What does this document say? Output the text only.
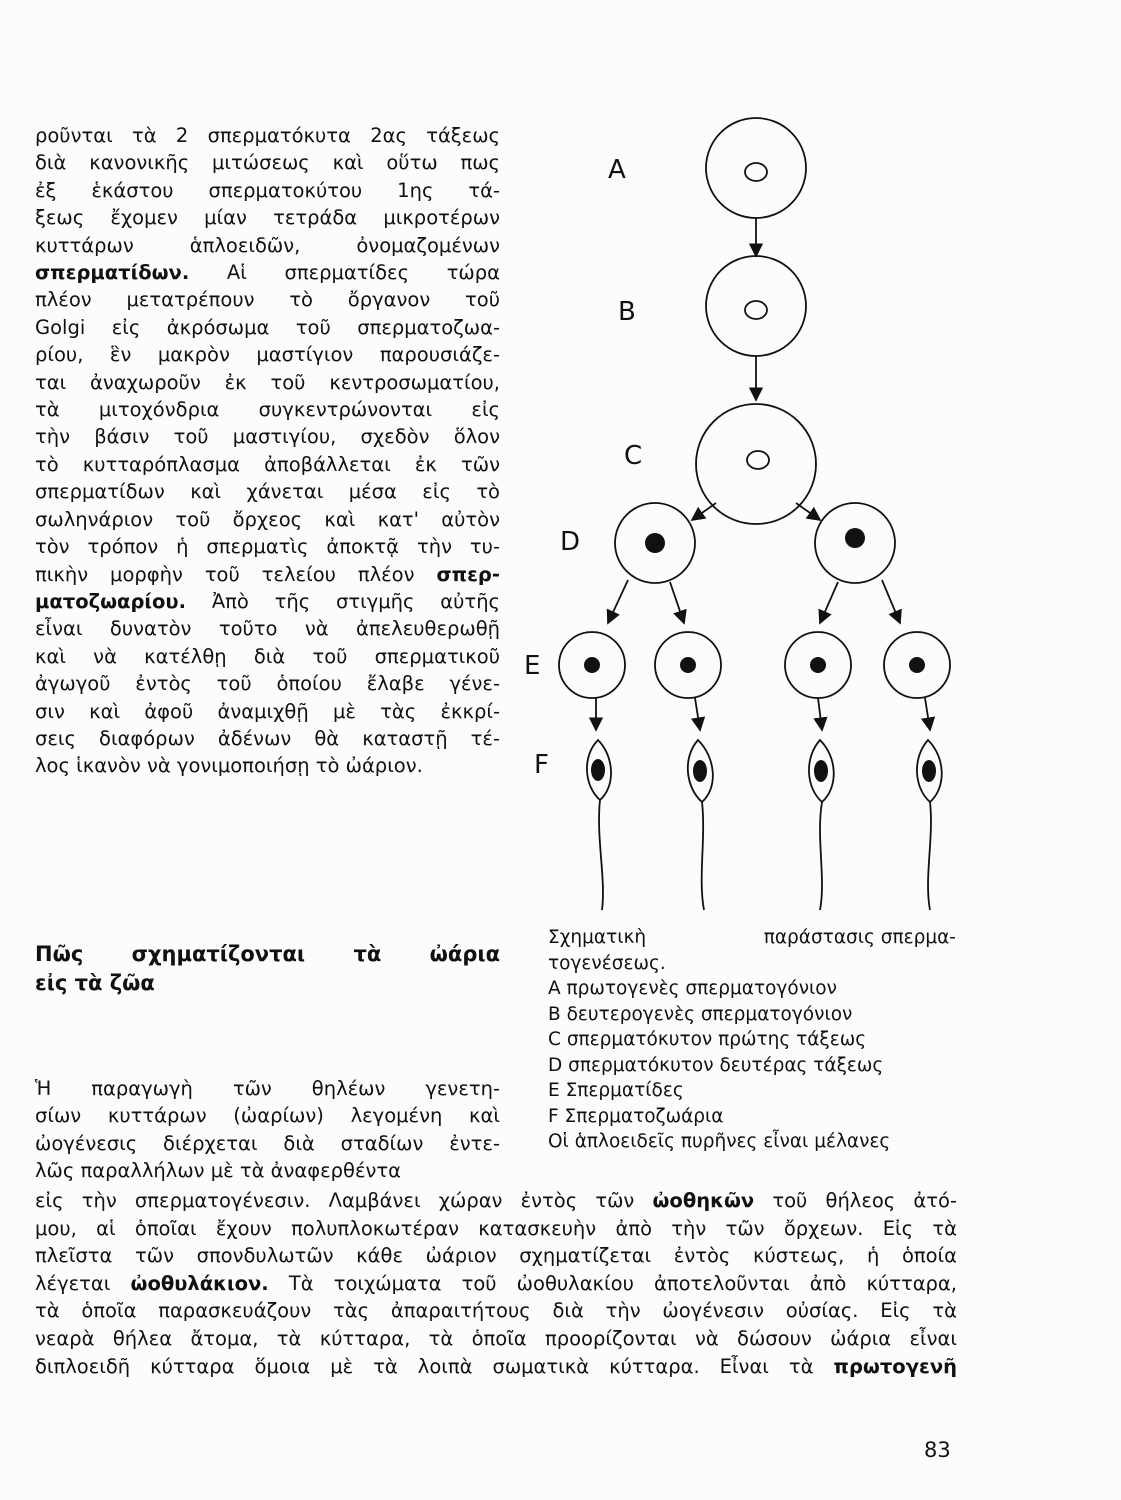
ροῦνται τὰ 2 σπερματόκυτα 2ας τάξεως
διὰ κανονικῆς μιτώσεως καὶ οὕτω πως
ἐξ ἑκάστου σπερματοκύτου 1ης τά-
ξεως ἔχομεν μίαν τετράδα μικροτέρων
κυττάρων ἁπλοειδῶν, ὀνομαζομένων
σπερματίδων. Αἱ σπερματίδες τώρα
πλέον μετατρέπουν τὸ ὄργανον τοῦ
Golgi εἰς ἀκρόσωμα τοῦ σπερματοζωα-
ρίου, ἓν μακρὸν μαστίγιον παρουσιάζε-
ται ἀναχωροῦν ἐκ τοῦ κεντροσωματίου,
τὰ μιτοχόνδρια συγκεντρώνονται εἰς
τὴν βάσιν τοῦ μαστιγίου, σχεδὸν ὅλον
τὸ κυτταρόπλασμα ἀποβάλλεται ἐκ τῶν
σπερματίδων καὶ χάνεται μέσα εἰς τὸ
σωληνάριον τοῦ ὄρχεος καὶ κατ' αὐτὸν
τὸν τρόπον ἡ σπερματὶς ἀποκτᾷ τὴν τυ-
πικὴν μορφὴν τοῦ τελείου πλέον σπερ-
ματοζωαρίου. Ἀπὸ τῆς στιγμῆς αὐτῆς
εἶναι δυνατὸν τοῦτο νὰ ἀπελευθερωθῇ
καὶ νὰ κατέλθῃ διὰ τοῦ σπερματικοῦ
ἀγωγοῦ ἐντὸς τοῦ ὁποίου ἔλαβε γένε-
σιν καὶ ἀφοῦ ἀναμιχθῇ μὲ τὰς ἐκκρί-
σεις διαφόρων ἀδένων θὰ καταστῇ τέ-
λος ἱκανὸν νὰ γονιμοποιήσῃ τὸ ὠάριον.
Πῶς σχηματίζονται τὰ ὠάρια
εἰς τὰ ζῶα
Ἡ παραγωγὴ τῶν θηλέων γενετη-
σίων κυττάρων (ὠαρίων) λεγομένη καὶ
ὠογένεσις διέρχεται διὰ σταδίων ἐντε-
λῶς παραλλήλων μὲ τὰ ἀναφερθέντα
εἰς τὴν σπερματογένεσιν. Λαμβάνει χώραν ἐντὸς τῶν ὠοθηκῶν τοῦ θήλεος ἀτό-
μου, αἱ ὁποῖαι ἔχουν πολυπλοκωτέραν κατασκευὴν ἀπὸ τὴν τῶν ὄρχεων. Εἰς τὰ
πλεῖστα τῶν σπονδυλωτῶν κάθε ὠάριον σχηματίζεται ἐντὸς κύστεως, ἡ ὁποία
λέγεται ὠοθυλάκιον. Τὰ τοιχώματα τοῦ ὠοθυλακίου ἀποτελοῦνται ἀπὸ κύτταρα,
τὰ ὁποῖα παρασκευάζουν τὰς ἀπαραιτήτους διὰ τὴν ὠογένεσιν οὐσίας. Εἰς τὰ
νεαρὰ θήλεα ἄτομα, τὰ κύτταρα, τὰ ὁποῖα προορίζονται νὰ δώσουν ὠάρια εἶναι
διπλοειδῆ κύτταρα ὅμοια μὲ τὰ λοιπὰ σωματικὰ κύτταρα. Εἶναι τὰ πρωτογενῆ
A
B
C
D
E
F
Σχηματικὴ	παράστασις σπερμα-
τογενέσεως.
A πρωτογενὲς σπερματογόνιον
B δευτερογενὲς σπερματογόνιον
C σπερματόκυτον πρώτης τάξεως
D σπερματόκυτον δευτέρας τάξεως
E Σπερματίδες
F Σπερματοζωάρια
Οἱ ἁπλοειδεῖς πυρῆνες εἶναι μέλανες
83
